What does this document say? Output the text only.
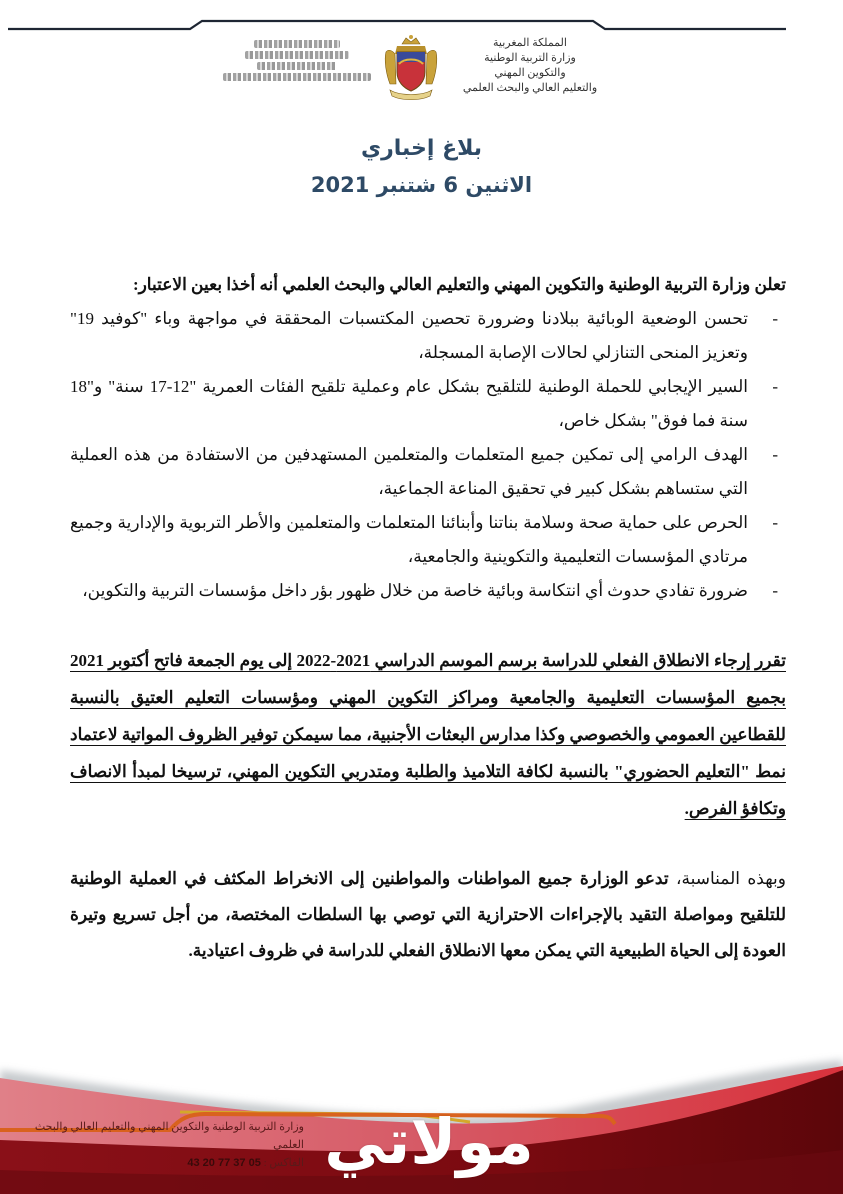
المملكة المغربية
وزارة التربية الوطنية
والتكوين المهني
والتعليم العالي والبحث العلمي
بلاغ إخباري
الاثنين 6 شتنبر 2021
تعلن وزارة التربية الوطنية والتكوين المهني والتعليم العالي والبحث العلمي أنه أخذا بعين الاعتبار:
-
تحسن الوضعية الوبائية ببلادنا وضرورة تحصين المكتسبات المحققة في مواجهة وباء "كوفيد 19" وتعزيز المنحى التنازلي لحالات الإصابة المسجلة،
-
السير الإيجابي للحملة الوطنية للتلقيح بشكل عام وعملية تلقيح الفئات العمرية "12-17 سنة" و"18 سنة فما فوق" بشكل خاص،
-
الهدف الرامي إلى تمكين جميع المتعلمات والمتعلمين المستهدفين من الاستفادة من هذه العملية التي ستساهم بشكل كبير في تحقيق المناعة الجماعية،
-
الحرص على حماية صحة وسلامة بناتنا وأبنائنا المتعلمات والمتعلمين والأطر التربوية والإدارية وجميع مرتادي المؤسسات التعليمية والتكوينية والجامعية،
-
ضرورة تفادي حدوث أي انتكاسة وبائية خاصة من خلال ظهور بؤر داخل مؤسسات التربية والتكوين،
تقرر إرجاء الانطلاق الفعلي للدراسة برسم الموسم الدراسي 2021-2022 إلى يوم الجمعة فاتح أكتوبر 2021 بجميع المؤسسات التعليمية والجامعية ومراكز التكوين المهني ومؤسسات التعليم العتيق بالنسبة للقطاعين العمومي والخصوصي وكذا مدارس البعثات الأجنبية، مما سيمكن توفير الظروف المواتية لاعتماد نمط "التعليم الحضوري" بالنسبة لكافة التلاميذ والطلبة ومتدربي التكوين المهني، ترسيخا لمبدأ الانصاف وتكافؤ الفرص.
وبهذه المناسبة، تدعو الوزارة جميع المواطنات والمواطنين إلى الانخراط المكثف في العملية الوطنية للتلقيح ومواصلة التقيد بالإجراءات الاحترازية التي توصي بها السلطات المختصة، من أجل تسريع وتيرة العودة إلى الحياة الطبيعية التي يمكن معها الانطلاق الفعلي للدراسة في ظروف اعتيادية.
وزارة التربية الوطنية والتكوين المهني والتعليم العالي والبحث العلمي
الفاكس : 05 37 77 20 43	مولاتي
